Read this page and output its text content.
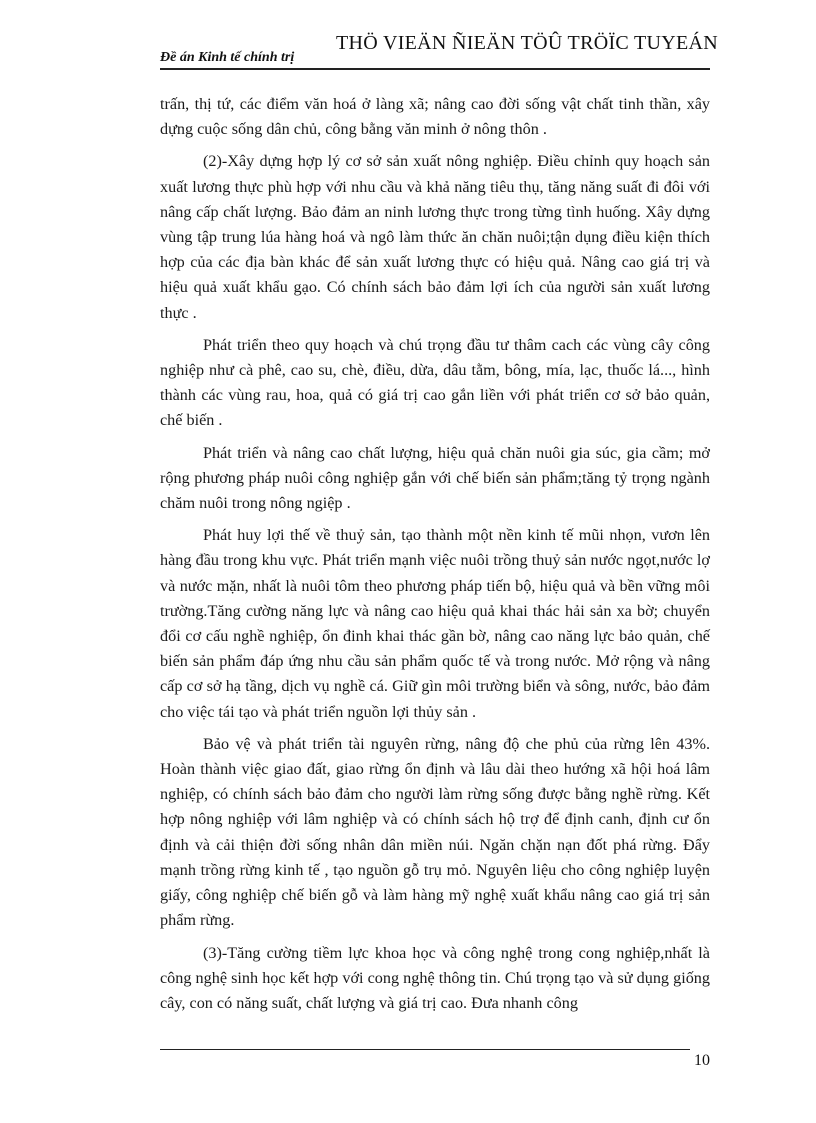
Đề án Kinh tế chính trị
THÖ VIEÄN ÑIEÄN TÖÛ TRÖÏC TUYEÁN

trấn, thị tứ, các điểm văn hoá ở làng xã; nâng cao đời sống vật chất tinh thần, xây dựng cuộc sống dân chủ, công bằng văn minh ở nông thôn .

(2)-Xây dựng hợp lý cơ sở sản xuất nông nghiệp. Điều chỉnh quy hoạch sản xuất lương thực phù hợp với nhu cầu và khả năng tiêu thụ, tăng năng suất đi đôi với nâng cấp chất lượng. Bảo đảm an ninh lương thực trong từng tình huống. Xây dựng vùng tập trung lúa hàng hoá và ngô làm thức ăn chăn nuôi;tận dụng điều kiện thích hợp của các địa bàn khác để sản xuất lương thực có hiệu quả. Nâng cao giá trị và hiệu quả xuất khẩu gạo. Có chính sách bảo đảm lợi ích của người sản xuất lương thực .

Phát triển theo quy hoạch và chú trọng đầu tư thâm cach các vùng cây công nghiệp như cà phê, cao su, chè, điều, dừa, dâu tằm, bông, mía, lạc, thuốc lá..., hình thành các vùng rau, hoa, quả có giá trị cao gắn liền với phát triển cơ sở bảo quản, chế biến .

Phát triển và nâng cao chất lượng, hiệu quả chăn nuôi gia súc, gia cầm; mở rộng phương pháp nuôi công nghiệp gắn với chế biến sản phẩm;tăng tỷ trọng ngành chăm nuôi trong nông ngiệp .

Phát huy lợi thế về thuỷ sản, tạo thành một nền kinh tế mũi nhọn, vươn lên hàng đầu trong khu vực. Phát triển mạnh việc nuôi trồng thuỷ sản nước ngọt,nước lợ và nước mặn, nhất là nuôi tôm theo phương pháp tiến bộ, hiệu quả và bền vững môi trường.Tăng cường năng lực và nâng cao hiệu quả khai thác hải sản xa bờ; chuyển đổi cơ cấu nghề nghiệp, ổn đinh khai thác gần bờ, nâng cao năng lực bảo quản, chế biến sản phẩm đáp ứng nhu cầu sản phẩm quốc tế và trong nước. Mở rộng và nâng cấp cơ sở hạ tầng, dịch vụ nghề cá. Giữ gìn môi trường biển và sông, nước, bảo đảm cho việc tái tạo và phát triển nguồn lợi thủy sản .

Bảo vệ và phát triển tài nguyên rừng, nâng độ che phủ của rừng lên 43%. Hoàn thành việc giao đất, giao rừng ổn định và lâu dài theo hướng xã hội hoá lâm nghiệp, có chính sách bảo đảm cho người làm rừng sống được bằng nghề rừng. Kết hợp nông nghiệp với lâm nghiệp và có chính sách hộ trợ để định canh, định cư ổn định và cải thiện đời sống nhân dân miền núi. Ngăn chặn nạn đốt phá rừng. Đẩy mạnh trồng rừng kinh tế , tạo nguồn gỗ trụ mỏ. Nguyên liệu cho công nghiệp luyện giấy, công nghiệp chế biến gỗ và làm hàng mỹ nghệ xuất khẩu nâng cao giá trị sản phẩm rừng.

(3)-Tăng cường tiềm lực khoa học và công nghệ trong cong nghiệp,nhất là công nghệ sinh học kết hợp với cong nghệ thông tin. Chú trọng tạo và sử dụng giống cây, con có năng suất, chất lượng và giá trị cao. Đưa nhanh công

10
